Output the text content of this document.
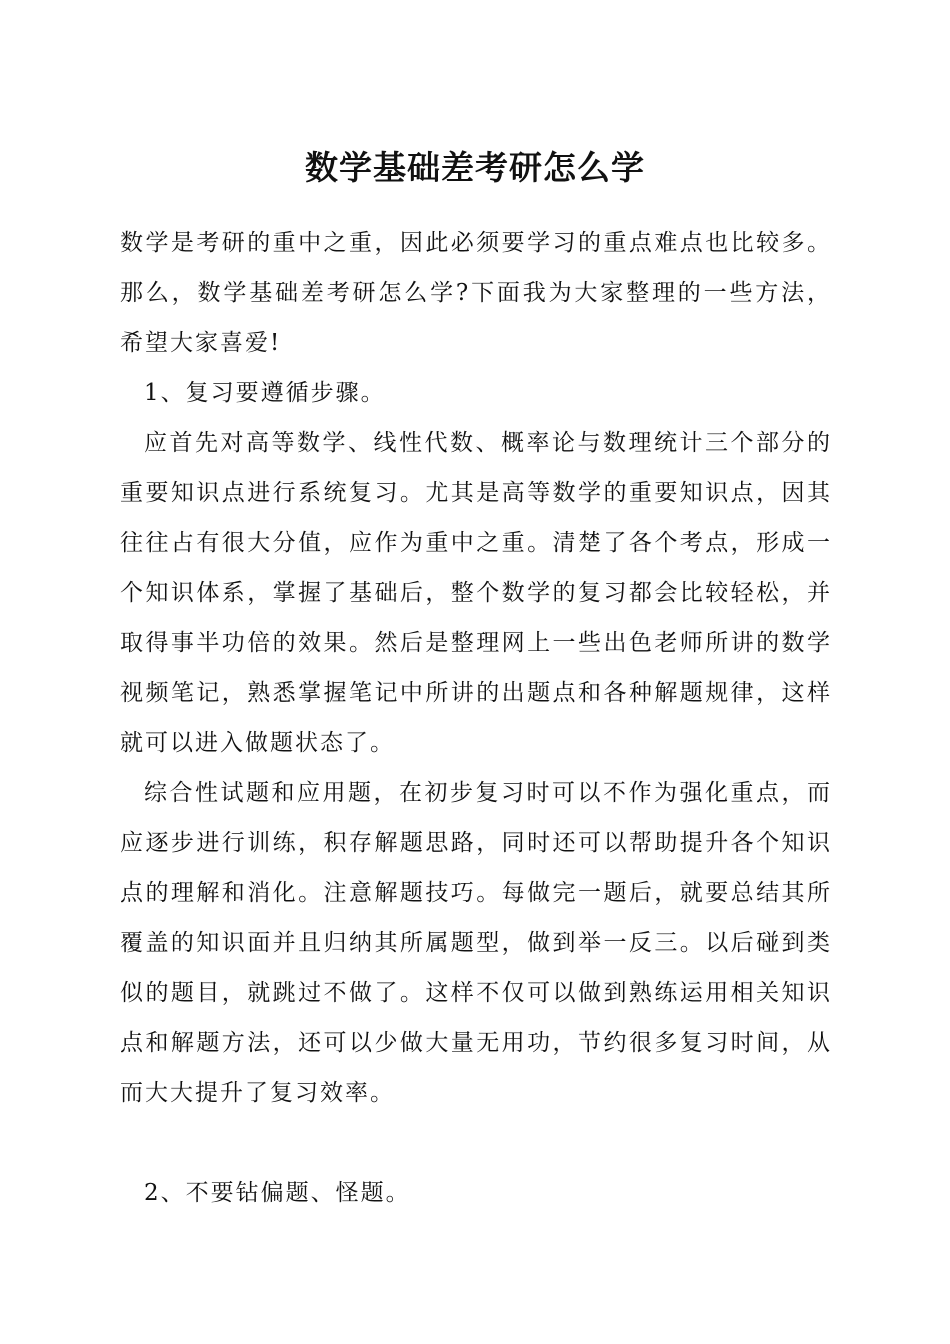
数学基础差考研怎么学

数学是考研的重中之重，因此必须要学习的重点难点也比较多。那么，数学基础差考研怎么学?下面我为大家整理的一些方法，希望大家喜爱!

1、复习要遵循步骤。

应首先对高等数学、线性代数、概率论与数理统计三个部分的重要知识点进行系统复习。尤其是高等数学的重要知识点，因其往往占有很大分值，应作为重中之重。清楚了各个考点，形成一个知识体系，掌握了基础后，整个数学的复习都会比较轻松，并取得事半功倍的效果。然后是整理网上一些出色老师所讲的数学视频笔记，熟悉掌握笔记中所讲的出题点和各种解题规律，这样就可以进入做题状态了。

综合性试题和应用题，在初步复习时可以不作为强化重点，而应逐步进行训练，积存解题思路，同时还可以帮助提升各个知识点的理解和消化。注意解题技巧。每做完一题后，就要总结其所覆盖的知识面并且归纳其所属题型，做到举一反三。以后碰到类似的题目，就跳过不做了。这样不仅可以做到熟练运用相关知识点和解题方法，还可以少做大量无用功，节约很多复习时间，从而大大提升了复习效率。

2、不要钻偏题、怪题。
